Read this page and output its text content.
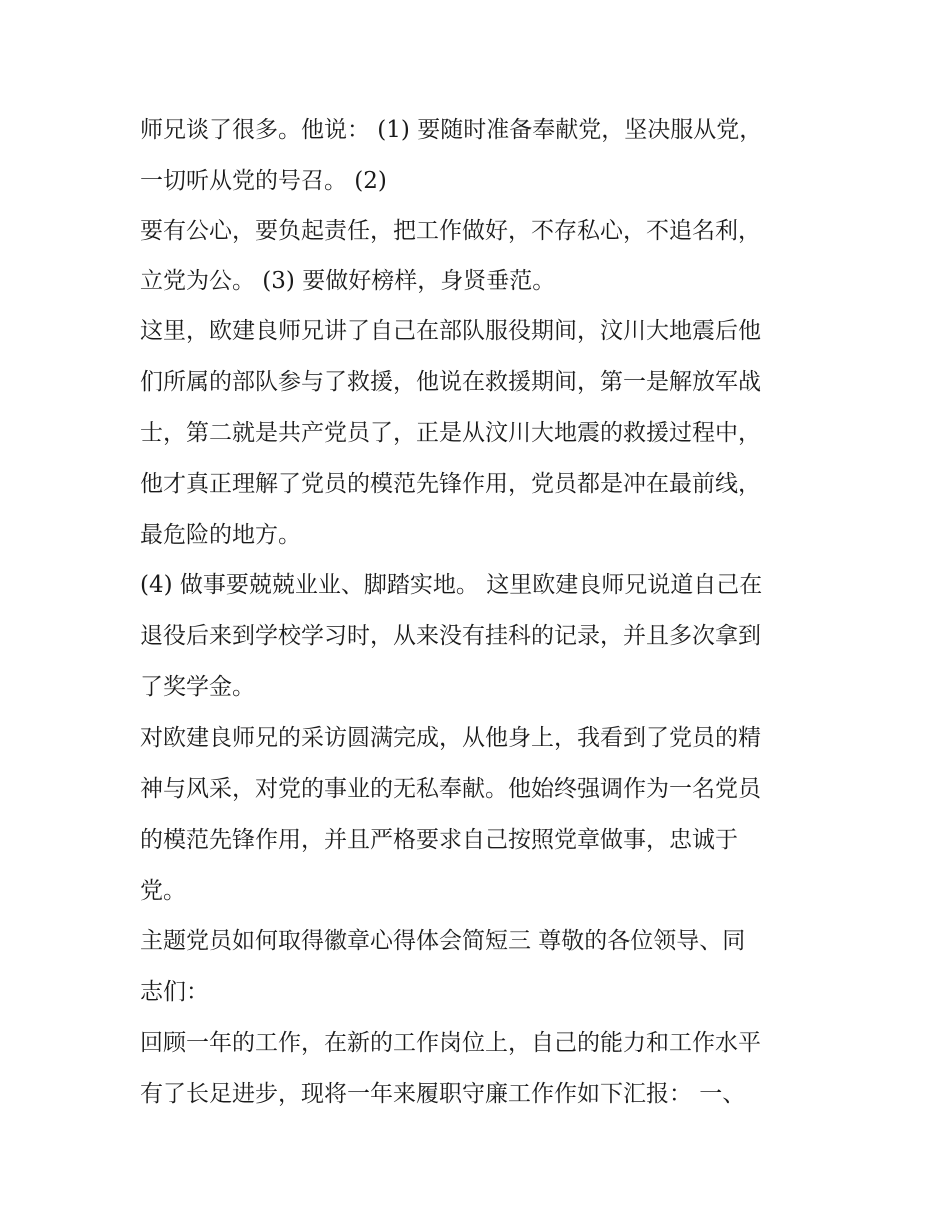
师兄谈了很多。他说： (1) 要随时准备奉献党，坚决服从党，

一切听从党的号召。 (2)

要有公心，要负起责任，把工作做好，不存私心，不追名利，

立党为公。 (3) 要做好榜样，身贤垂范。

这里，欧建良师兄讲了自己在部队服役期间，汶川大地震后他

们所属的部队参与了救援，他说在救援期间，第一是解放军战

士，第二就是共产党员了，正是从汶川大地震的救援过程中，

他才真正理解了党员的模范先锋作用，党员都是冲在最前线，

最危险的地方。

(4) 做事要兢兢业业、脚踏实地。 这里欧建良师兄说道自己在

退役后来到学校学习时，从来没有挂科的记录，并且多次拿到

了奖学金。

对欧建良师兄的采访圆满完成，从他身上，我看到了党员的精

神与风采，对党的事业的无私奉献。他始终强调作为一名党员

的模范先锋作用，并且严格要求自己按照党章做事，忠诚于

党。

主题党员如何取得徽章心得体会简短三 尊敬的各位领导、同

志们：

回顾一年的工作，在新的工作岗位上，自己的能力和工作水平

有了长足进步，现将一年来履职守廉工作作如下汇报： 一、
